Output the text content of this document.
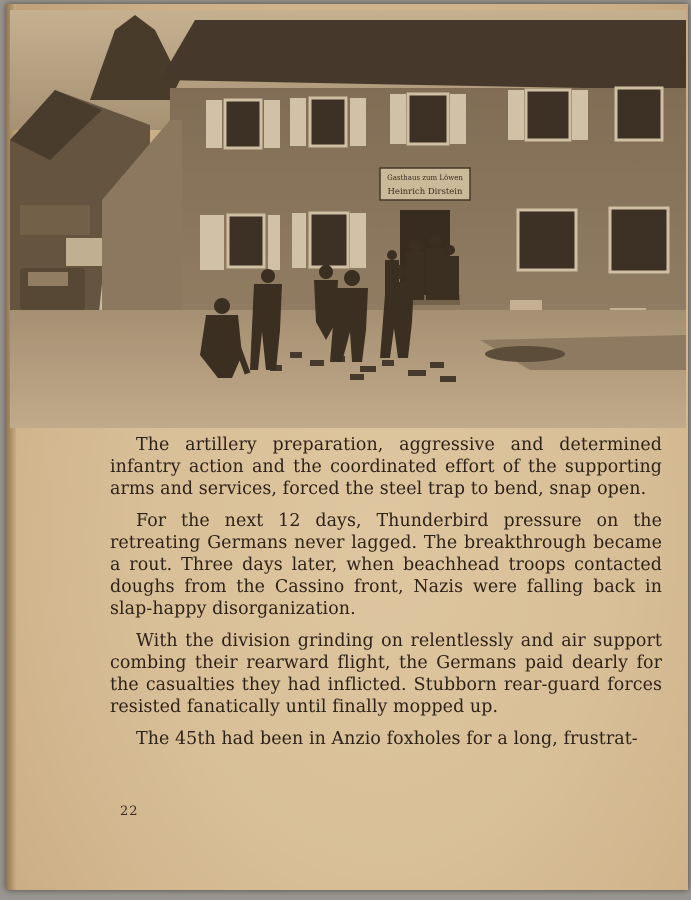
Gasthaus zum Löwen
Heinrich Dirstein

The artillery preparation, aggressive and determined infantry action and the coordinated effort of the supporting arms and services, forced the steel trap to bend, snap open.

For the next 12 days, Thunderbird pressure on the retreating Germans never lagged. The breakthrough became a rout. Three days later, when beachhead troops contacted doughs from the Cassino front, Nazis were falling back in slap-happy disorganization.

With the division grinding on relentlessly and air support combing their rearward flight, the Germans paid dearly for the casualties they had inflicted. Stubborn rear-guard forces resisted fanatically until finally mopped up.

The 45th had been in Anzio foxholes for a long, frustrat-

22
